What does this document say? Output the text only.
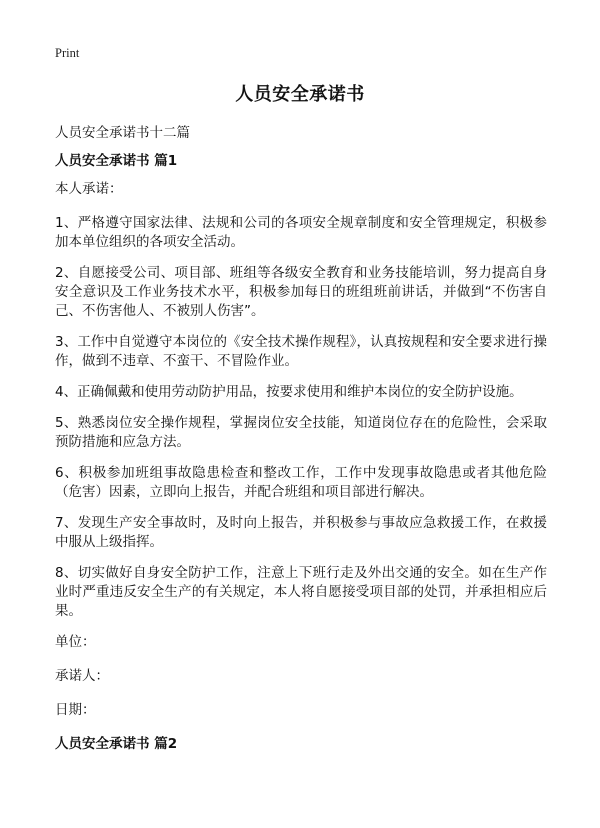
Print
人员安全承诺书
人员安全承诺书十二篇
人员安全承诺书 篇1
本人承诺：
1、严格遵守国家法律、法规和公司的各项安全规章制度和安全管理规定，积极参加本单位组织的各项安全活动。
2、自愿接受公司、项目部、班组等各级安全教育和业务技能培训，努力提高自身安全意识及工作业务技术水平，积极参加每日的班组班前讲话，并做到“不伤害自己、不伤害他人、不被别人伤害”。
3、工作中自觉遵守本岗位的《安全技术操作规程》，认真按规程和安全要求进行操作，做到不违章、不蛮干、不冒险作业。
4、正确佩戴和使用劳动防护用品，按要求使用和维护本岗位的安全防护设施。
5、熟悉岗位安全操作规程，掌握岗位安全技能，知道岗位存在的危险性，会采取预防措施和应急方法。
6、积极参加班组事故隐患检查和整改工作，工作中发现事故隐患或者其他危险（危害）因素，立即向上报告，并配合班组和项目部进行解决。
7、发现生产安全事故时，及时向上报告，并积极参与事故应急救援工作，在救援中服从上级指挥。
8、切实做好自身安全防护工作，注意上下班行走及外出交通的安全。如在生产作业时严重违反安全生产的有关规定，本人将自愿接受项目部的处罚，并承担相应后果。
单位：
承诺人：
日期：
人员安全承诺书 篇2
